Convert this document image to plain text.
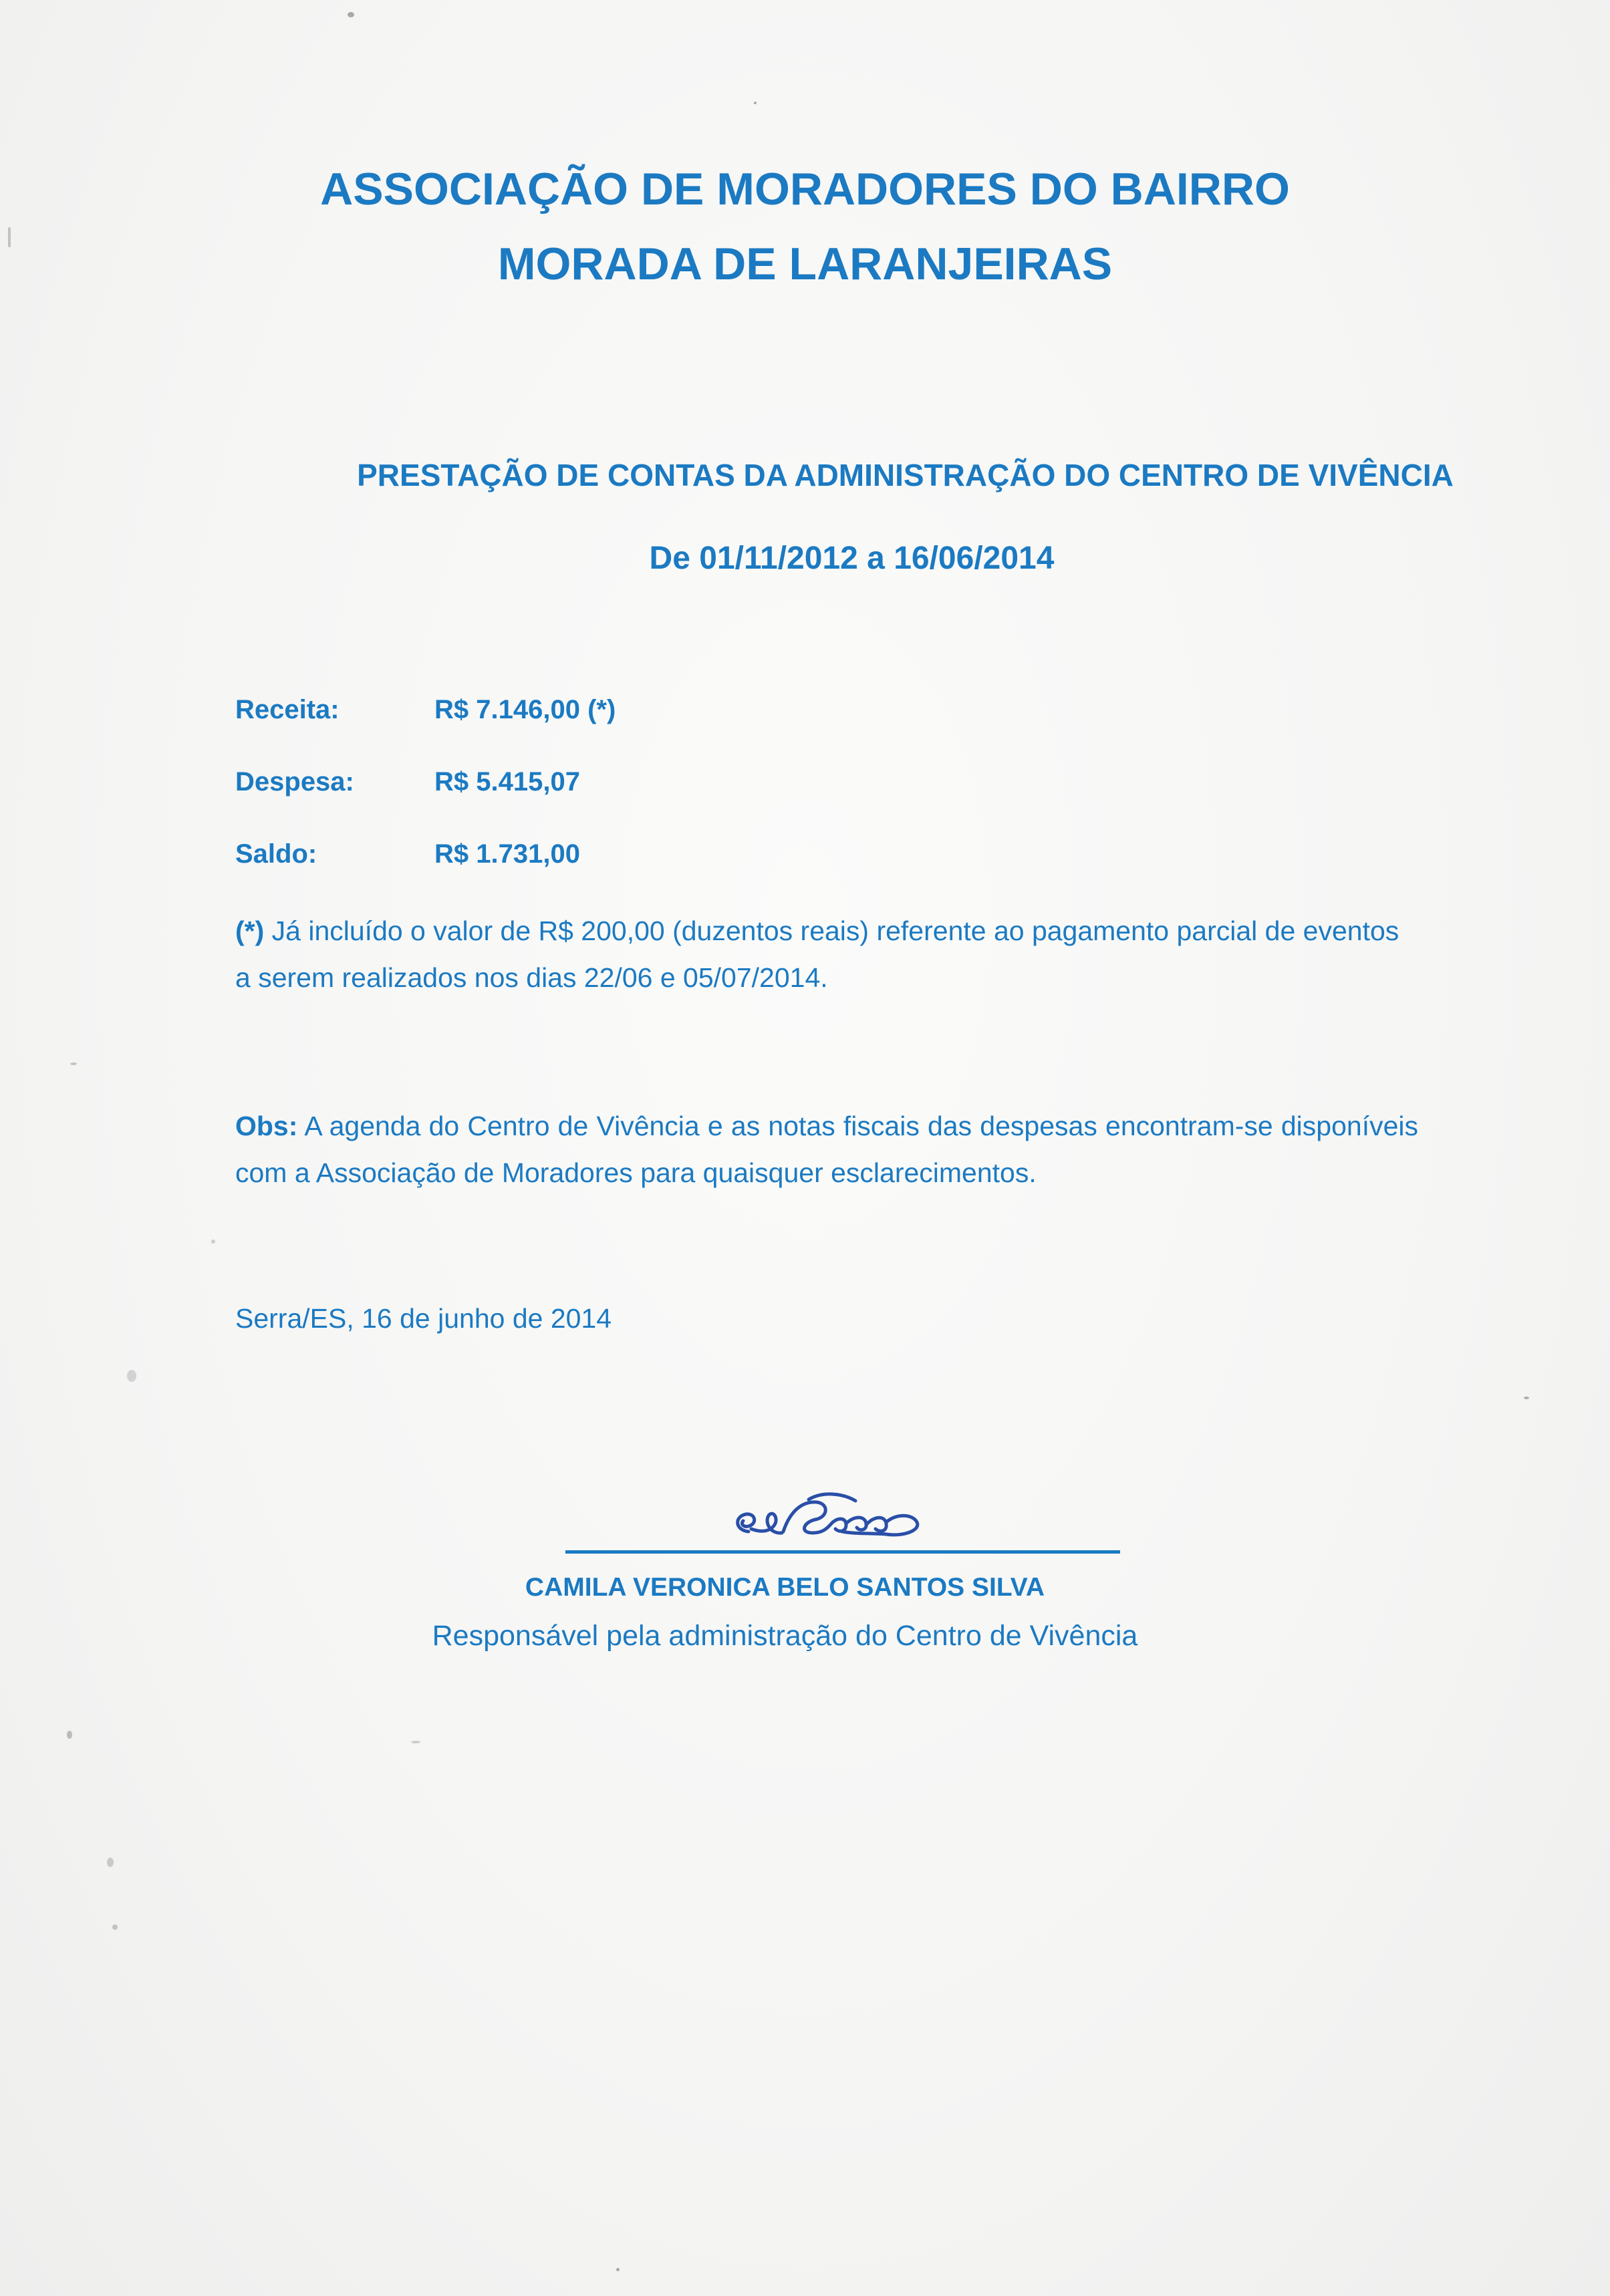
ASSOCIAÇÃO DE MORADORES DO BAIRRO
MORADA DE LARANJEIRAS
PRESTAÇÃO DE CONTAS DA ADMINISTRAÇÃO DO CENTRO DE VIVÊNCIA
De 01/11/2012 a 16/06/2014
Receita:	R$ 7.146,00 (*)
Despesa:	R$ 5.415,07
Saldo:	R$ 1.731,00
(*) Já incluído o valor de R$ 200,00 (duzentos reais) referente ao pagamento parcial de eventos a serem realizados nos dias 22/06 e 05/07/2014.
Obs: A agenda do Centro de Vivência e as notas fiscais das despesas encontram-se disponíveis com a Associação de Moradores para quaisquer esclarecimentos.
Serra/ES, 16 de junho de 2014
CAMILA VERONICA BELO SANTOS SILVA
Responsável pela administração do Centro de Vivência
